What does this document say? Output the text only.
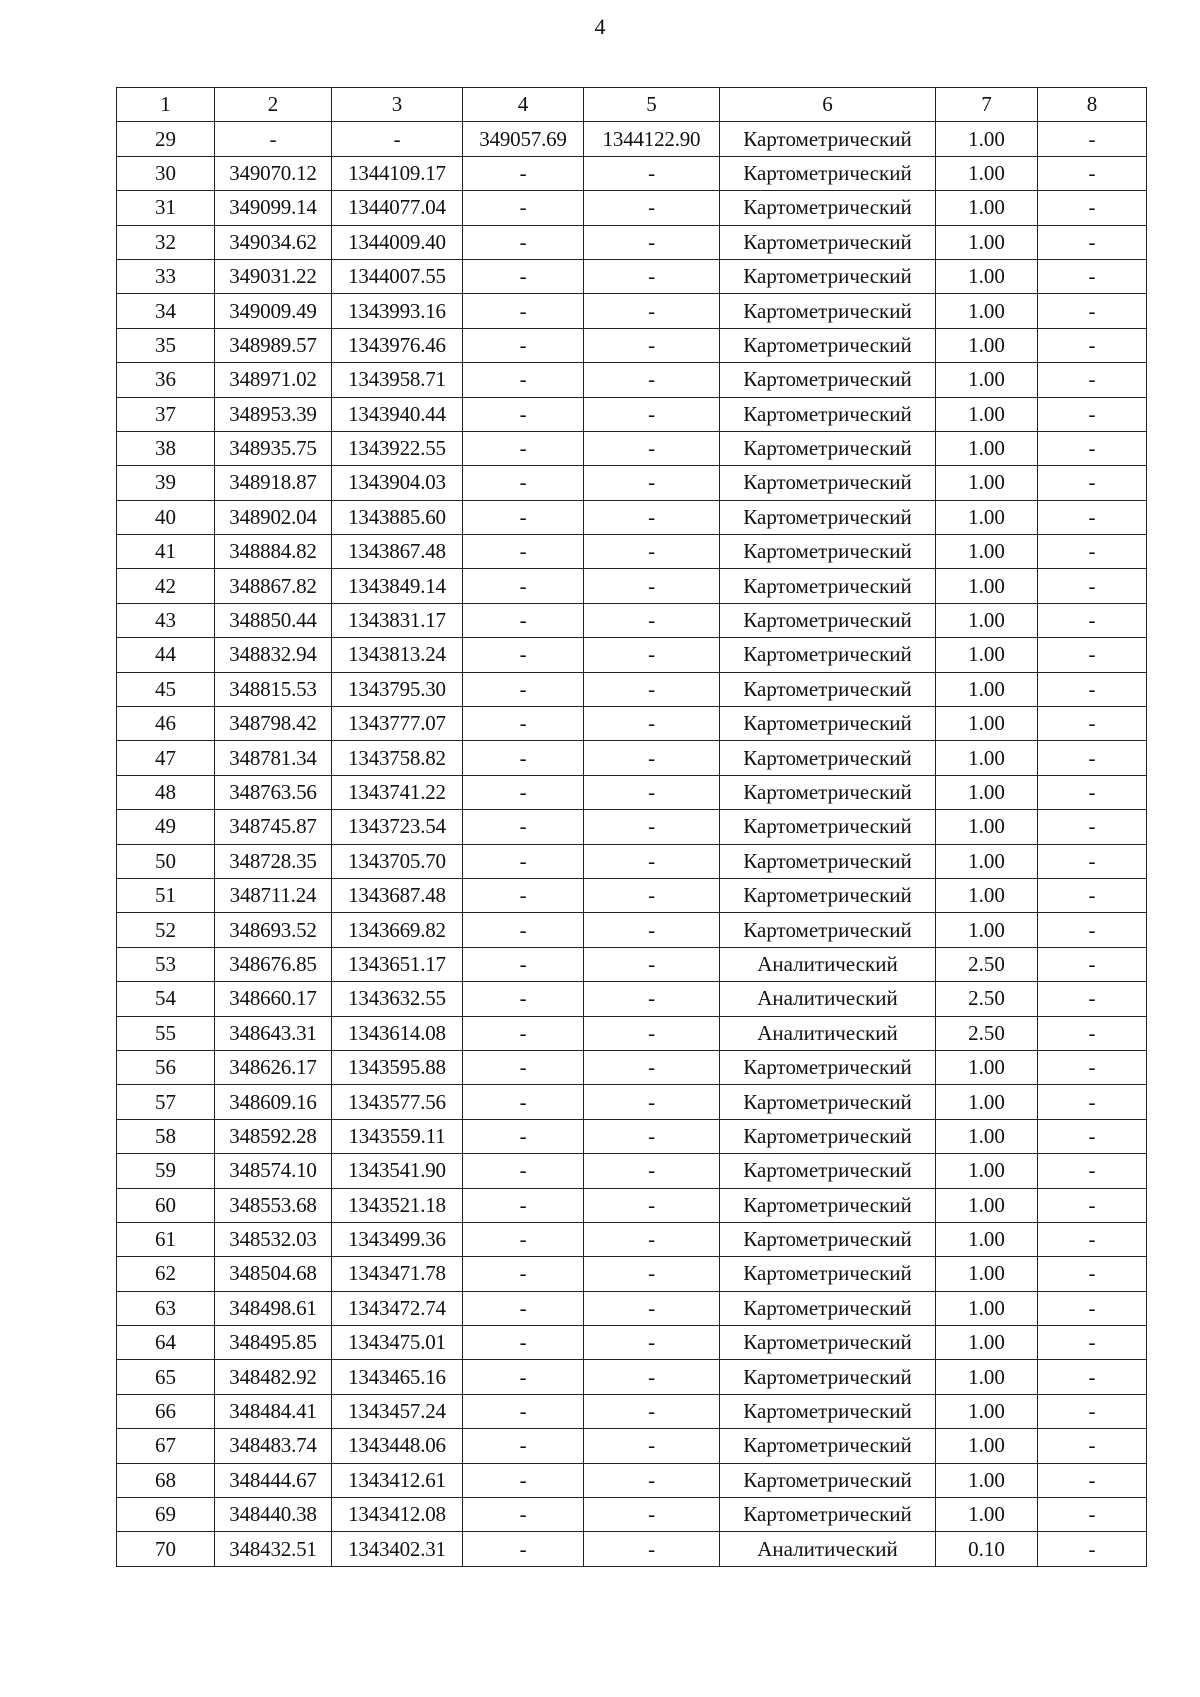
4
1	2	3	4	5	6	7	8
29	-	-	349057.69	1344122.90	Картометрический	1.00	-
30	349070.12	1344109.17	-	-	Картометрический	1.00	-
31	349099.14	1344077.04	-	-	Картометрический	1.00	-
32	349034.62	1344009.40	-	-	Картометрический	1.00	-
33	349031.22	1344007.55	-	-	Картометрический	1.00	-
34	349009.49	1343993.16	-	-	Картометрический	1.00	-
35	348989.57	1343976.46	-	-	Картометрический	1.00	-
36	348971.02	1343958.71	-	-	Картометрический	1.00	-
37	348953.39	1343940.44	-	-	Картометрический	1.00	-
38	348935.75	1343922.55	-	-	Картометрический	1.00	-
39	348918.87	1343904.03	-	-	Картометрический	1.00	-
40	348902.04	1343885.60	-	-	Картометрический	1.00	-
41	348884.82	1343867.48	-	-	Картометрический	1.00	-
42	348867.82	1343849.14	-	-	Картометрический	1.00	-
43	348850.44	1343831.17	-	-	Картометрический	1.00	-
44	348832.94	1343813.24	-	-	Картометрический	1.00	-
45	348815.53	1343795.30	-	-	Картометрический	1.00	-
46	348798.42	1343777.07	-	-	Картометрический	1.00	-
47	348781.34	1343758.82	-	-	Картометрический	1.00	-
48	348763.56	1343741.22	-	-	Картометрический	1.00	-
49	348745.87	1343723.54	-	-	Картометрический	1.00	-
50	348728.35	1343705.70	-	-	Картометрический	1.00	-
51	348711.24	1343687.48	-	-	Картометрический	1.00	-
52	348693.52	1343669.82	-	-	Картометрический	1.00	-
53	348676.85	1343651.17	-	-	Аналитический	2.50	-
54	348660.17	1343632.55	-	-	Аналитический	2.50	-
55	348643.31	1343614.08	-	-	Аналитический	2.50	-
56	348626.17	1343595.88	-	-	Картометрический	1.00	-
57	348609.16	1343577.56	-	-	Картометрический	1.00	-
58	348592.28	1343559.11	-	-	Картометрический	1.00	-
59	348574.10	1343541.90	-	-	Картометрический	1.00	-
60	348553.68	1343521.18	-	-	Картометрический	1.00	-
61	348532.03	1343499.36	-	-	Картометрический	1.00	-
62	348504.68	1343471.78	-	-	Картометрический	1.00	-
63	348498.61	1343472.74	-	-	Картометрический	1.00	-
64	348495.85	1343475.01	-	-	Картометрический	1.00	-
65	348482.92	1343465.16	-	-	Картометрический	1.00	-
66	348484.41	1343457.24	-	-	Картометрический	1.00	-
67	348483.74	1343448.06	-	-	Картометрический	1.00	-
68	348444.67	1343412.61	-	-	Картометрический	1.00	-
69	348440.38	1343412.08	-	-	Картометрический	1.00	-
70	348432.51	1343402.31	-	-	Аналитический	0.10	-
